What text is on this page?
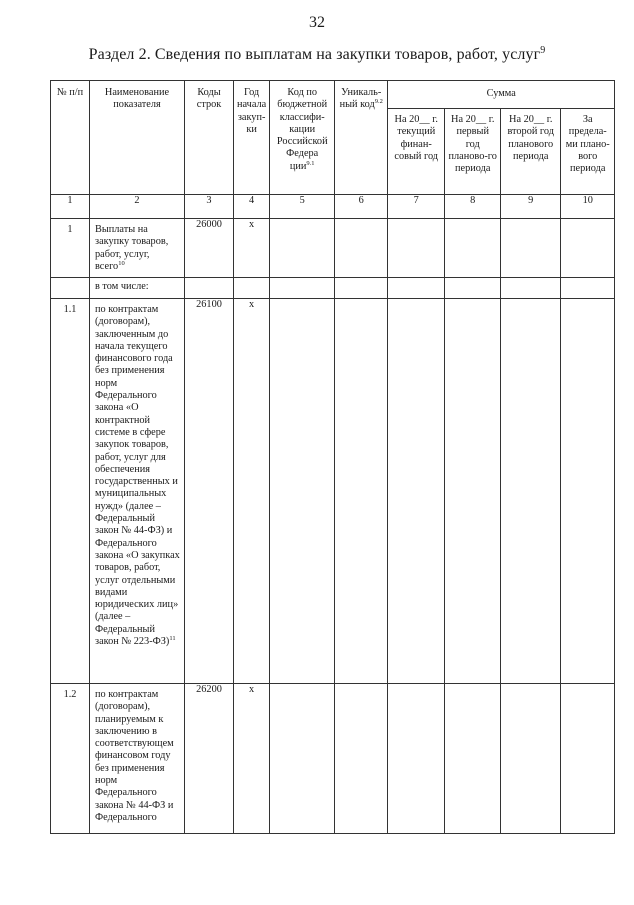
32
Раздел 2. Сведения по выплатам на закупки товаров, работ, услуг$^9$
№ п/п	Наименование показателя	Коды строк	Год начала закуп-ки	Код по бюджетной классифи-кации Российской Федера ции$^{9.1}$	Уникаль-ный код$^{9.2}$	Сумма			
						На 20__ г. текущий финан-совый год	На 20__ г. первый год планово-го периода	На 20__ г. второй год планового периода	За предела-ми плано-вого периода
1	2	3	4	5	6	7	8	9	10
1	Выплаты на закупку товаров, работ, услуг, всего$^{10}$	26000	x						
	в том числе:								
1.1	по контрактам (договорам), заключенным до начала текущего финансового года без применения норм Федерального закона «О контрактной системе в сфере закупок товаров, работ, услуг для обеспечения государственных и муниципальных нужд» (далее – Федеральный закон № 44-ФЗ) и Федерального закона «О закупках товаров, работ, услуг отдельными видами юридических лиц» (далее – Федеральный закон № 223-ФЗ)$^{11}$	26100	x						
1.2	по контрактам (договорам), планируемым к заключению в соответствующем финансовом году без применения норм Федерального закона № 44-ФЗ и Федерального	26200	x						
